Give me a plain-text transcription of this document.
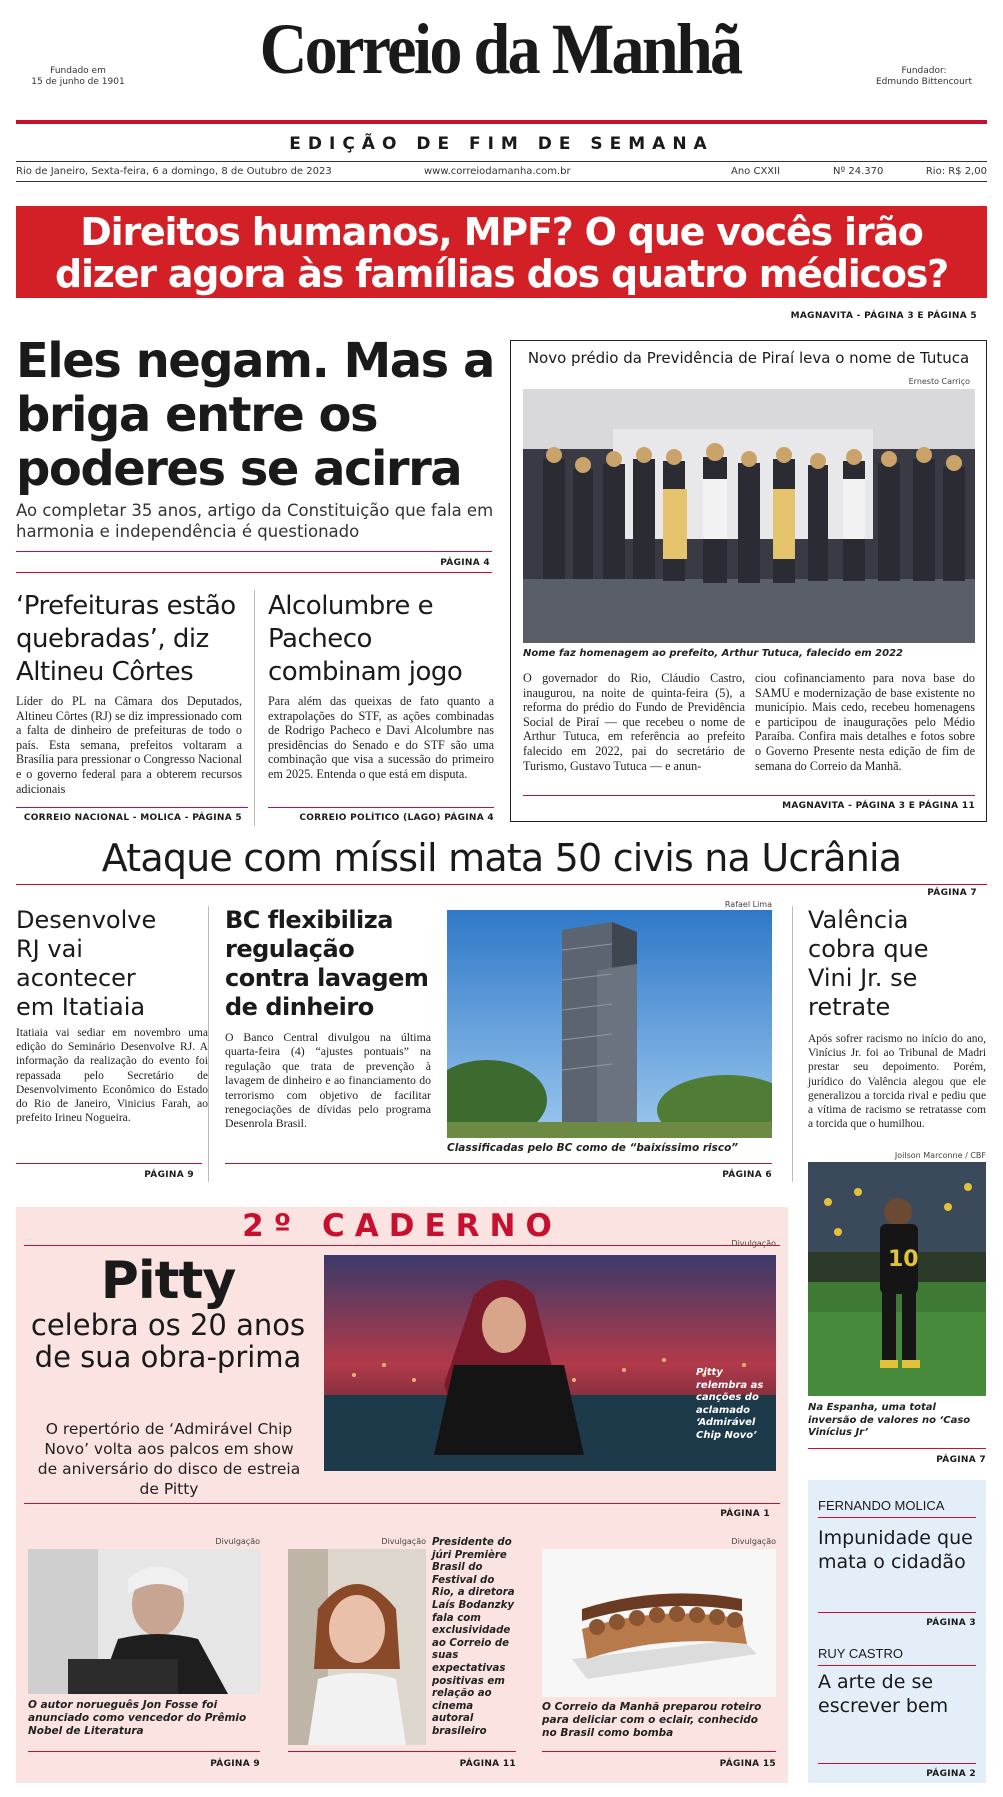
Fundado em
15 de junho de 1901	Correio da Manhã	Fundador:
Edmundo Bittencourt
EDIÇÃO DE FIM DE SEMANA
Rio de Janeiro, Sexta-feira, 6 a domingo, 8 de Outubro de 2023	www.correiodamanha.com.br	Ano CXXII	Nº 24.370	Rio: R$ 2,00
Direitos humanos, MPF? O que vocês irão
dizer agora às famílias dos quatro médicos?
MAGNAVITA - PÁGINA 3 E PÁGINA 5
Eles negam. Mas a briga entre os poderes se acirra
Ao completar 35 anos, artigo da Constituição que fala em harmonia e independência é questionado
PÁGINA 4
‘Prefeituras estão quebradas’, diz Altineu Côrtes
Líder do PL na Câmara dos Deputados, Altineu Côrtes (RJ) se diz impressionado com a falta de dinheiro de prefeituras de todo o país. Esta semana, prefeitos voltaram a Brasília para pressionar o Congresso Nacional e o governo federal para a obterem recursos adicionais
CORREIO NACIONAL - MOLICA - PÁGINA 5
Alcolumbre e Pacheco combinam jogo
Para além das queixas de fato quanto a extrapolações do STF, as ações combinadas de Rodrigo Pacheco e Davi Alcolumbre nas presidências do Senado e do STF são uma combinação que visa a sucessão do primeiro em 2025. Entenda o que está em disputa.
CORREIO POLÍTICO (LAGO) PÁGINA 4
Novo prédio da Previdência de Piraí leva o nome de Tutuca
Ernesto Carriço
Nome faz homenagem ao prefeito, Arthur Tutuca, falecido em 2022
O governador do Rio, Cláudio Castro, inaugurou, na noite de quinta-feira (5), a reforma do prédio do Fundo de Previdência Social de Piraí — que recebeu o nome de Arthur Tutuca, em referência ao prefeito falecido em 2022, pai do secretário de Turismo, Gustavo Tutuca — e anun-
ciou cofinanciamento para nova base do SAMU e modernização de base existente no município. Mais cedo, recebeu homenagens e participou de inaugurações pelo Médio Paraíba. Confira mais detalhes e fotos sobre o Governo Presente nesta edição de fim de semana do Correio da Manhã.
MAGNAVITA - PÁGINA 3 E PÁGINA 11
Ataque com míssil mata 50 civis na Ucrânia
PÁGINA 7
Desenvolve RJ vai acontecer em Itatiaia
Itatiaia vai sediar em novembro uma edição do Seminário Desenvolve RJ. A informação da realização do evento foi repassada pelo Secretário de Desenvolvimento Econômico do Estado do Rio de Janeiro, Vinicius Farah, ao prefeito Irineu Nogueira.
PÁGINA 9
BC flexibiliza regulação contra lavagem de dinheiro
O Banco Central divulgou na última quarta-feira (4) “ajustes pontuais” na regulação que trata de prevenção à lavagem de dinheiro e ao financiamento do terrorismo com objetivo de facilitar renegociações de dívidas pelo programa Desenrola Brasil.
Rafael Lima
Classificadas pelo BC como de “baixíssimo risco”
PÁGINA 6
Valência cobra que Vini Jr. se retrate
Após sofrer racismo no início do ano, Vinícius Jr. foi ao Tribunal de Madri prestar seu depoimento. Porém, jurídico do Valência alegou que ele generalizou a torcida rival e pediu que a vítima de racismo se retratasse com a torcida que o humilhou.
Joilson Marconne / CBF
10
Na Espanha, uma total inversão de valores no ‘Caso Vinícius Jr’
PÁGINA 7
2º CADERNO
Pitty
celebra os 20 anos de sua obra-prima
O repertório de ‘Admirável Chip Novo’ volta aos palcos em show de aniversário do disco de estreia de Pitty
Divulgação
Pitty relembra as canções do aclamado ‘Admirável Chip Novo’
PÁGINA 1
Divulgação
O autor norueguês Jon Fosse foi anunciado como vencedor do Prêmio Nobel de Literatura
PÁGINA 9
Divulgação Presidente do júri Première Brasil do Festival do Rio, a diretora Laís Bodanzky fala com exclusividade ao Correio de suas expectativas positivas em relação ao cinema autoral brasileiro
PÁGINA 11
Divulgação
O Correio da Manhã preparou roteiro para deliciar com o eclair, conhecido no Brasil como bomba
PÁGINA 15
FERNANDO MOLICA
Impunidade que mata o cidadão
PÁGINA 3
RUY CASTRO
A arte de se escrever bem
PÁGINA 2
